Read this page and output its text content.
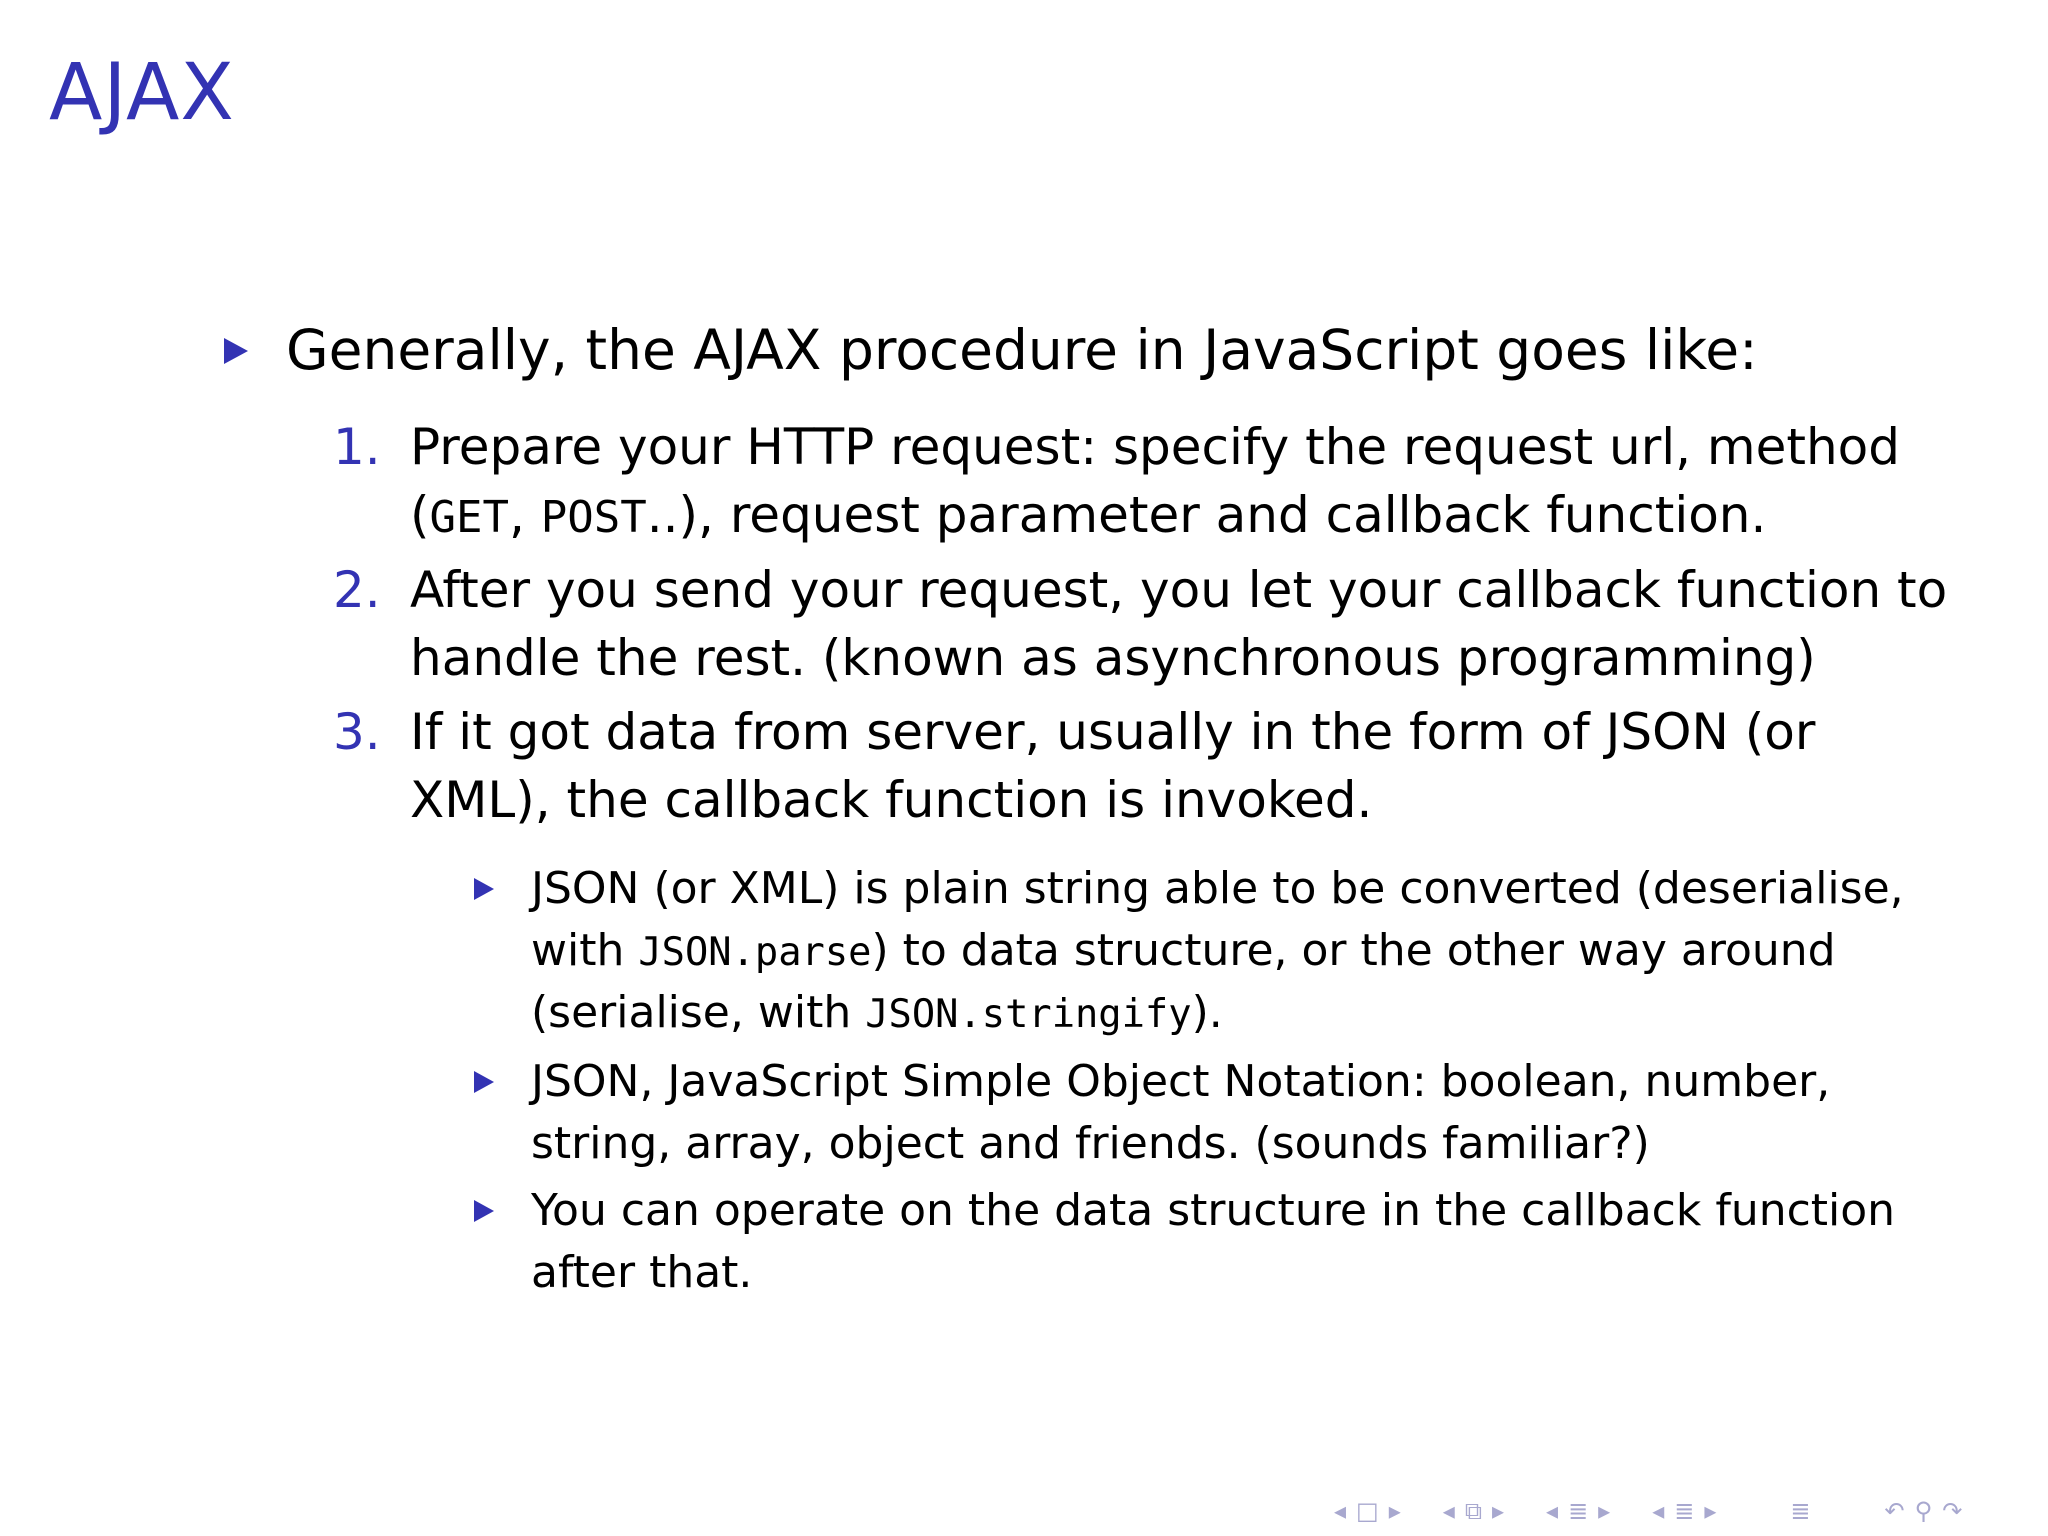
AJAX
Generally, the AJAX procedure in JavaScript goes like:
1. Prepare your HTTP request: specify the request url, method
(GET, POST..), request parameter and callback function.
2. After you send your request, you let your callback function to
handle the rest. (known as asynchronous programming)
3. If it got data from server, usually in the form of JSON (or
XML), the callback function is invoked.
JSON (or XML) is plain string able to be converted (deserialise,
with JSON.parse) to data structure, or the other way around
(serialise, with JSON.stringify).
JSON, JavaScript Simple Object Notation: boolean, number,
string, array, object and friends. (sounds familiar?)
You can operate on the data structure in the callback function
after that.
◂ □ ▸ ◂ ⧉ ▸ ◂ ≣ ▸ ◂ ≣ ▸	≣	↶ ⚲ ↷
